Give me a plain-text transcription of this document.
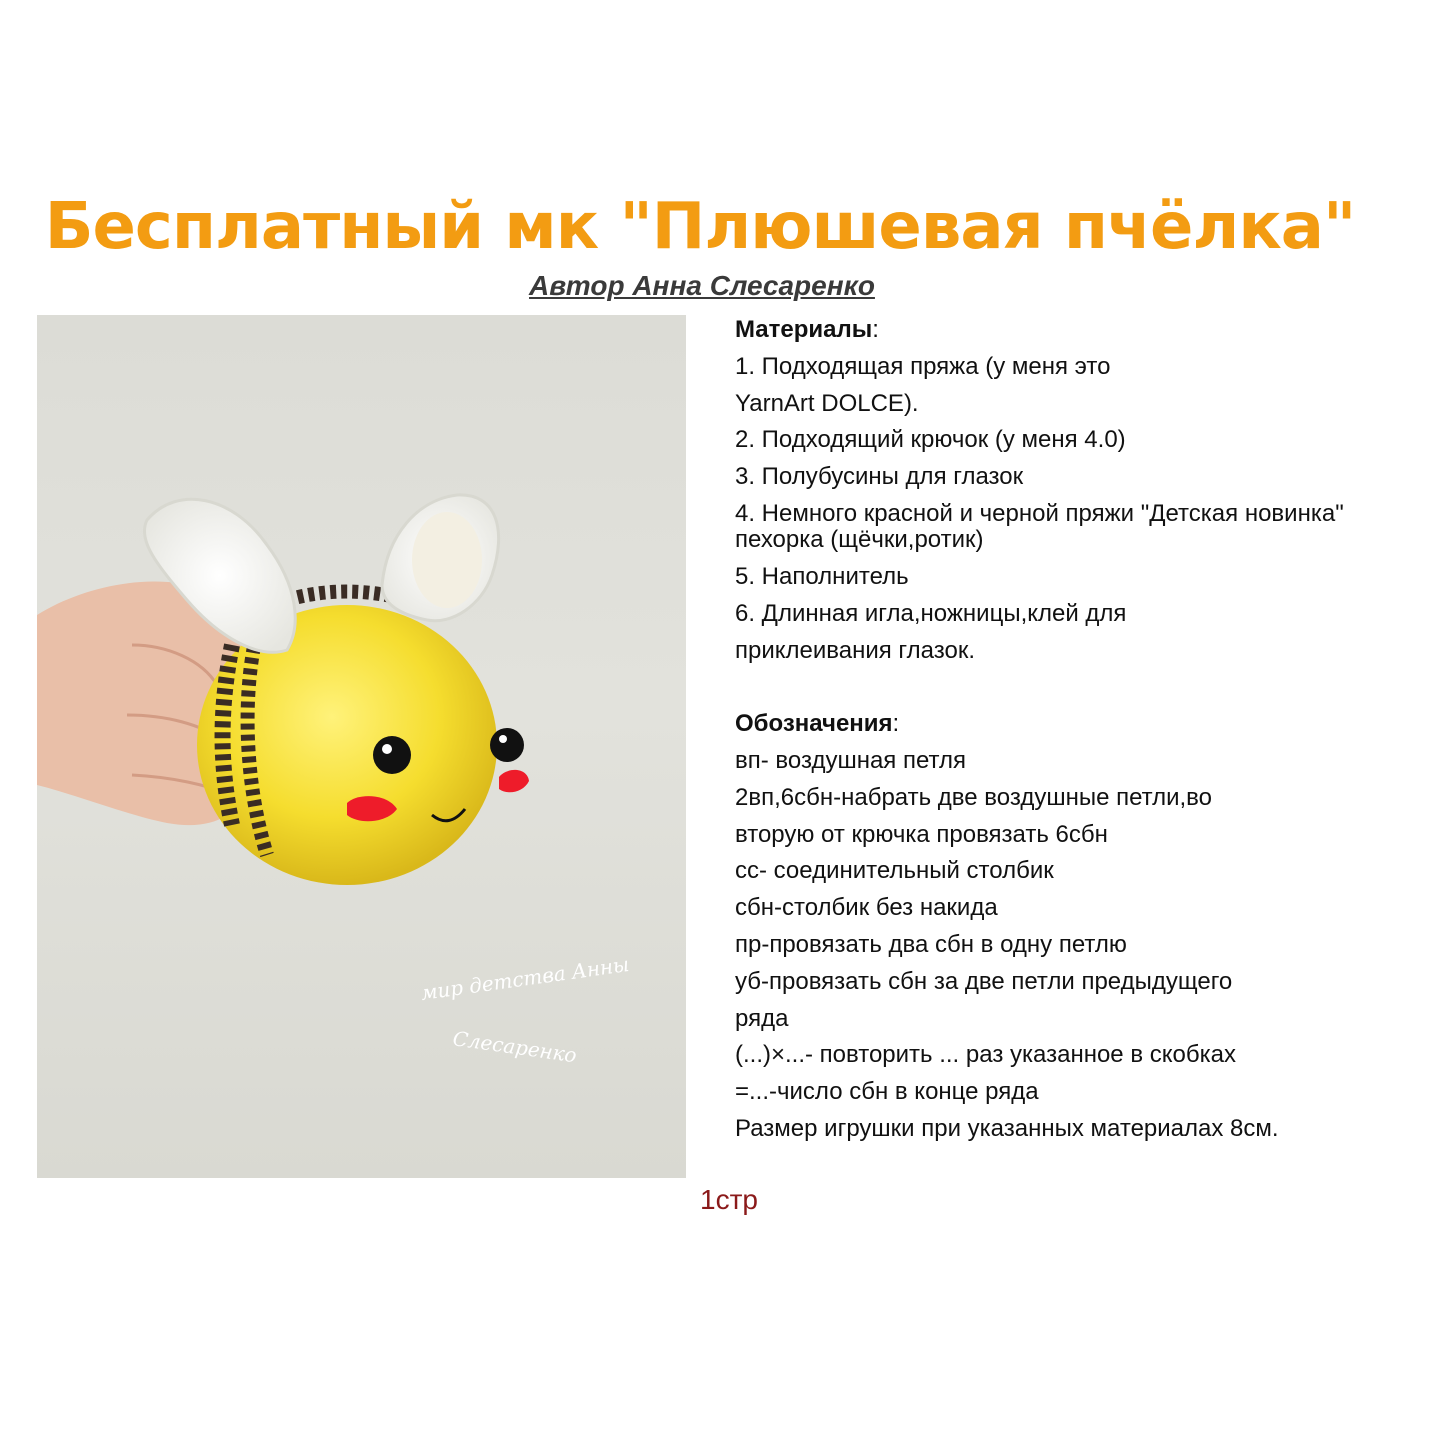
Бесплатный мк "Плюшевая пчёлка"
Автор Анна Слесаренко
мир детства Анны
Слесаренко
Материалы:
1. Подходящая пряжа (у меня это
YarnArt DOLCE).
2. Подходящий крючок (у меня 4.0)
3. Полубусины для глазок
4. Немного красной и черной пряжи "Детская новинка" пехорка (щёчки,ротик)
5. Наполнитель
6. Длинная игла,ножницы,клей для
приклеивания глазок.
Обозначения:
вп- воздушная петля
2вп,6сбн-набрать две воздушные петли,во
вторую от крючка провязать 6сбн
сс- соединительный столбик
сбн-столбик без накида
пр-провязать два сбн в одну петлю
уб-провязать сбн за две петли предыдущего
ряда
(...)×...- повторить ... раз указанное в скобках
=...-число сбн в конце ряда
Размер игрушки при указанных материалах 8см.
1стр
